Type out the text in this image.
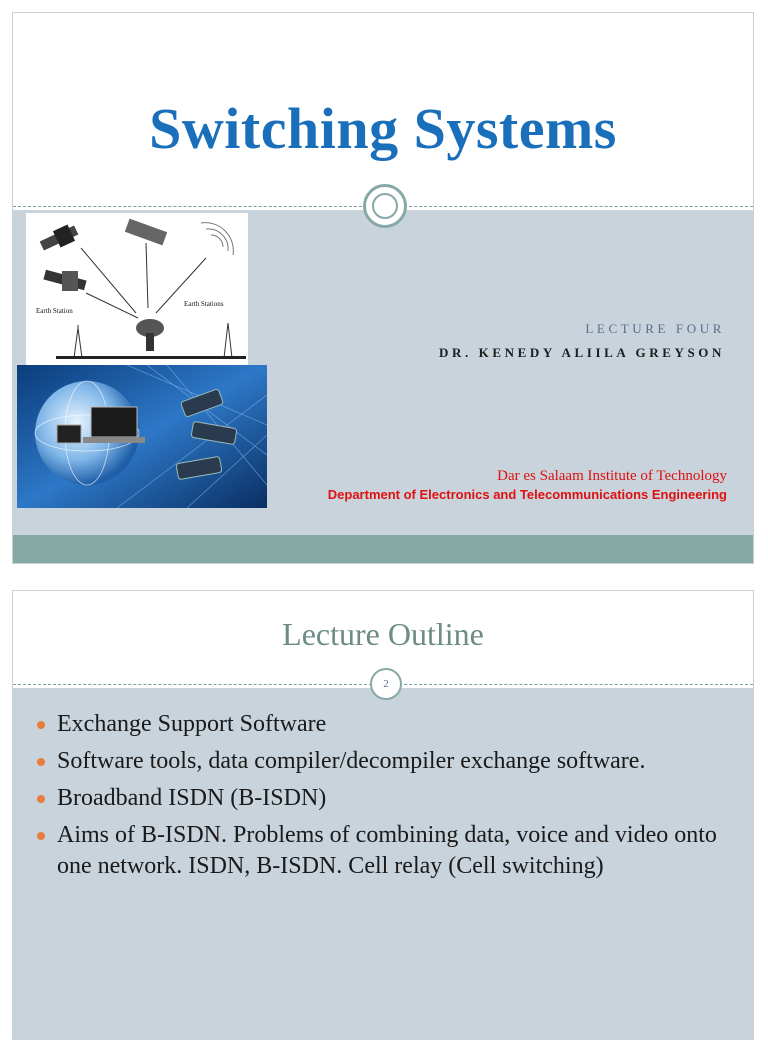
Switching Systems
Earth Station
Earth Stations
LECTURE FOUR
DR. KENEDY ALIILA GREYSON
Dar es Salaam Institute of Technology
Department of Electronics and Telecommunications Engineering
Lecture Outline
2
Exchange Support Software
Software tools, data compiler/decompiler exchange software.
Broadband ISDN (B-ISDN)
Aims of B-ISDN. Problems of combining data, voice and video onto one network. ISDN, B-ISDN. Cell relay (Cell switching)
